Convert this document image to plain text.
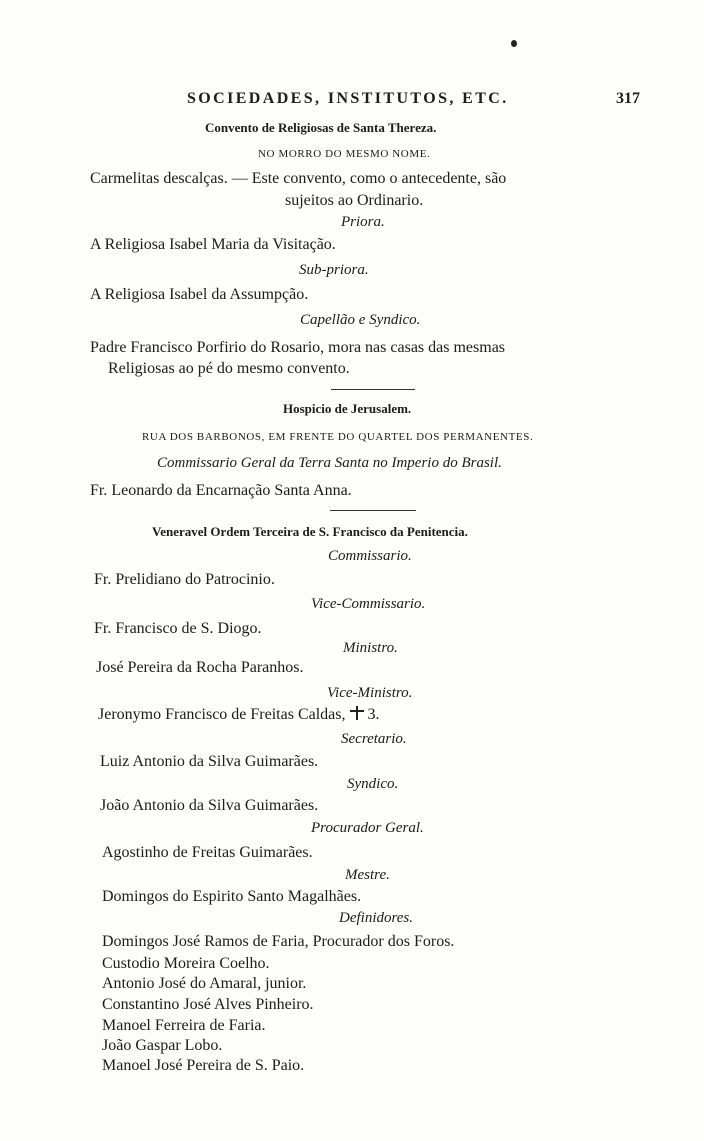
SOCIEDADES, INSTITUTOS, ETC.	317
Convento de Religiosas de Santa Thereza.
NO MORRO DO MESMO NOME.
Carmelitas descalças. — Este convento, como o antecedente, são
sujeitos ao Ordinario.
Priora.
A Religiosa Isabel Maria da Visitação.
Sub-priora.
A Religiosa Isabel da Assumpção.
Capellão e Syndico.
Padre Francisco Porfirio do Rosario, mora nas casas das mesmas
Religiosas ao pé do mesmo convento.
Hospicio de Jerusalem.
RUA DOS BARBONOS, EM FRENTE DO QUARTEL DOS PERMANENTES.
Commissario Geral da Terra Santa no Imperio do Brasil.
Fr. Leonardo da Encarnação Santa Anna.
Veneravel Ordem Terceira de S. Francisco da Penitencia.
Commissario.
Fr. Prelidiano do Patrocinio.
Vice-Commissario.
Fr. Francisco de S. Diogo.
Ministro.
José Pereira da Rocha Paranhos.
Vice-Ministro.
Jeronymo Francisco de Freitas Caldas, 3.
Secretario.
Luiz Antonio da Silva Guimarães.
Syndico.
João Antonio da Silva Guimarães.
Procurador Geral.
Agostinho de Freitas Guimarães.
Mestre.
Domingos do Espirito Santo Magalhães.
Definidores.
Domingos José Ramos de Faria, Procurador dos Foros.
Custodio Moreira Coelho.
Antonio José do Amaral, junior.
Constantino José Alves Pinheiro.
Manoel Ferreira de Faria.
João Gaspar Lobo.
Manoel José Pereira de S. Paio.
